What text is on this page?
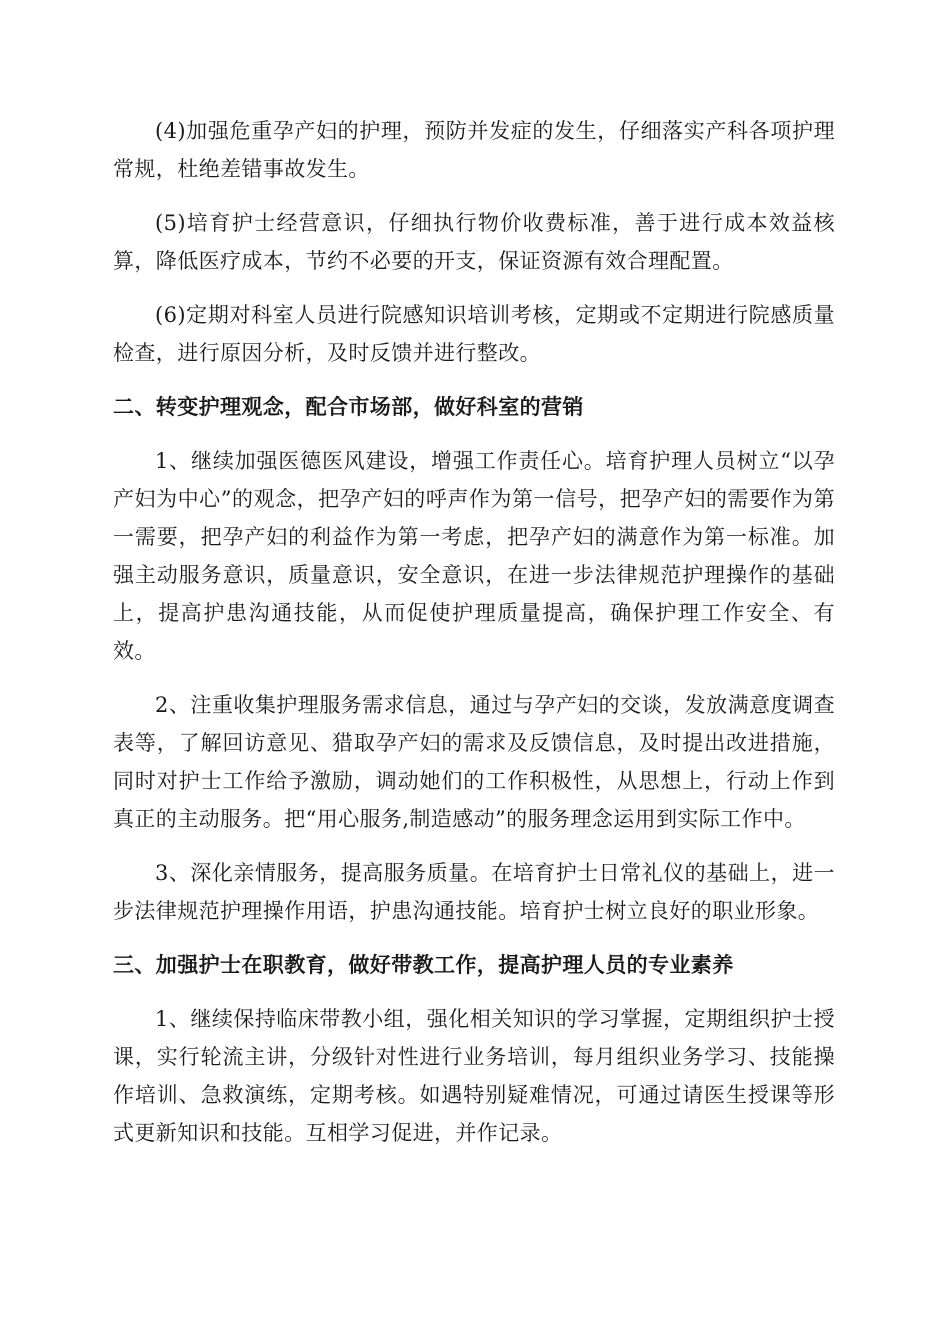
(4)加强危重孕产妇的护理，预防并发症的发生，仔细落实产科各项护理常规，杜绝差错事故发生。

(5)培育护士经营意识，仔细执行物价收费标准，善于进行成本效益核算，降低医疗成本，节约不必要的开支，保证资源有效合理配置。

(6)定期对科室人员进行院感知识培训考核，定期或不定期进行院感质量检查，进行原因分析，及时反馈并进行整改。

二、转变护理观念，配合市场部，做好科室的营销

1、继续加强医德医风建设，增强工作责任心。培育护理人员树立“以孕产妇为中心”的观念，把孕产妇的呼声作为第一信号，把孕产妇的需要作为第一需要，把孕产妇的利益作为第一考虑，把孕产妇的满意作为第一标准。加强主动服务意识，质量意识，安全意识，在进一步法律规范护理操作的基础上，提高护患沟通技能，从而促使护理质量提高，确保护理工作安全、有效。

2、注重收集护理服务需求信息，通过与孕产妇的交谈，发放满意度调查表等，了解回访意见、猎取孕产妇的需求及反馈信息，及时提出改进措施，同时对护士工作给予激励，调动她们的工作积极性，从思想上，行动上作到真正的主动服务。把“用心服务,制造感动”的服务理念运用到实际工作中。

3、深化亲情服务，提高服务质量。在培育护士日常礼仪的基础上，进一步法律规范护理操作用语，护患沟通技能。培育护士树立良好的职业形象。

三、加强护士在职教育，做好带教工作，提高护理人员的专业素养

1、继续保持临床带教小组，强化相关知识的学习掌握，定期组织护士授课，实行轮流主讲，分级针对性进行业务培训，每月组织业务学习、技能操作培训、急救演练，定期考核。如遇特别疑难情况，可通过请医生授课等形式更新知识和技能。互相学习促进，并作记录。
